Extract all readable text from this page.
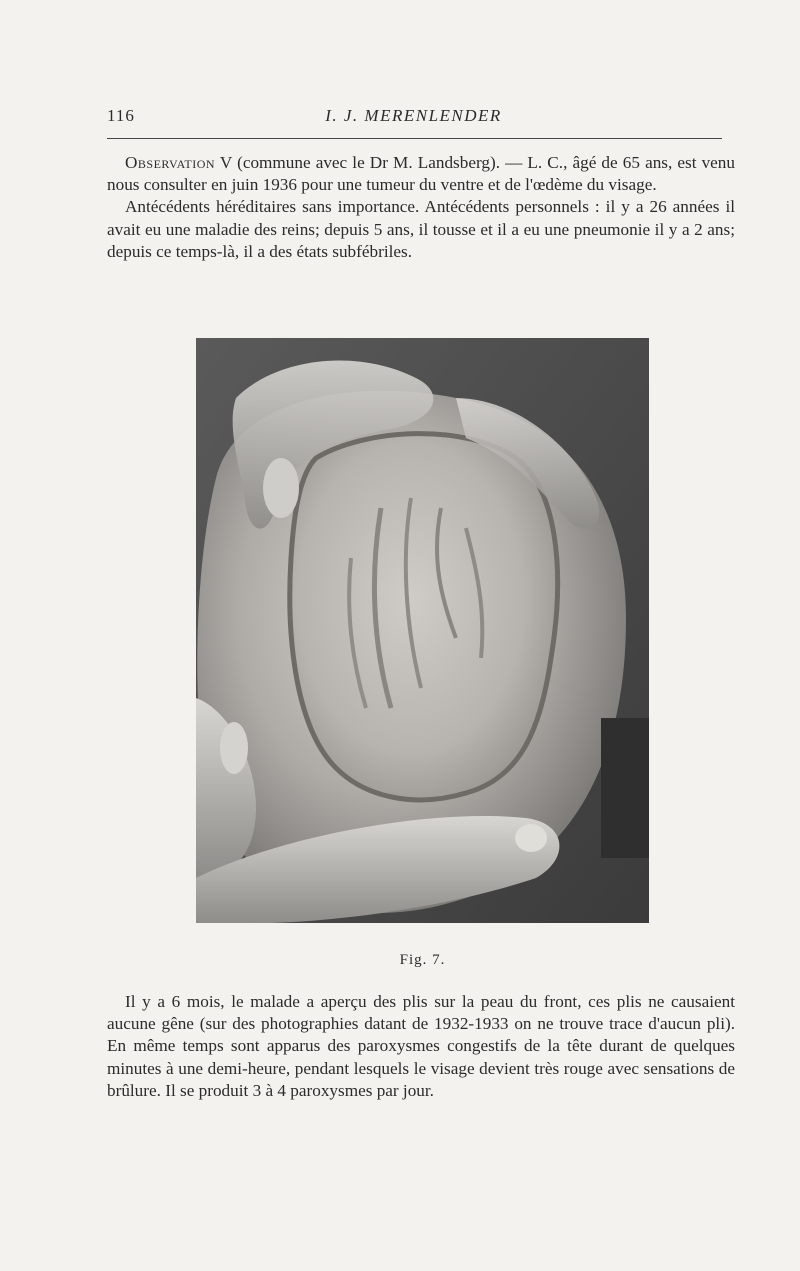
116	I. J. MERENLENDER

Observation V (commune avec le Dr M. Landsberg). — L. C., âgé de 65 ans, est venu nous consulter en juin 1936 pour une tumeur du ventre et de l'œdème du visage.

Antécédents héréditaires sans importance. Antécédents personnels : il y a 26 années il avait eu une maladie des reins; depuis 5 ans, il tousse et il a eu une pneumonie il y a 2 ans; depuis ce temps-là, il a des états subfébriles.

Fig. 7.

Il y a 6 mois, le malade a aperçu des plis sur la peau du front, ces plis ne causaient aucune gêne (sur des photographies datant de 1932-1933 on ne trouve trace d'aucun pli). En même temps sont apparus des paroxysmes congestifs de la tête durant de quelques minutes à une demi-heure, pendant lesquels le visage devient très rouge avec sensations de brûlure. Il se produit 3 à 4 paroxysmes par jour.
